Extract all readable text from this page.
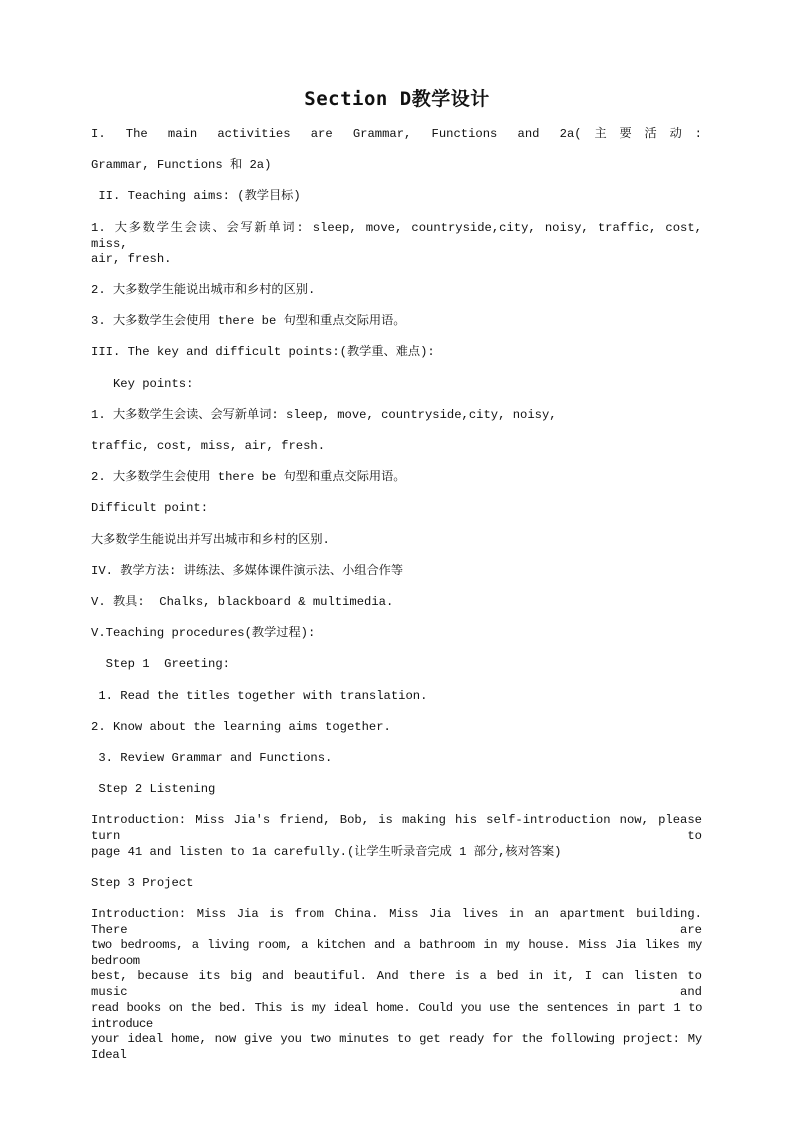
Section D教学设计
I. The main activities are Grammar, Functions and 2a(主要活动:
Grammar, Functions 和 2a)
II. Teaching aims: (教学目标)
1. 大多数学生会读、会写新单词: sleep, move, countryside,city, noisy, traffic, cost, miss,
air, fresh.
2. 大多数学生能说出城市和乡村的区别.
3. 大多数学生会使用 there be 句型和重点交际用语。
III. The key and difficult points:(教学重、难点):
Key points:
1. 大多数学生会读、会写新单词: sleep, move, countryside,city, noisy,
traffic, cost, miss, air, fresh.
2. 大多数学生会使用 there be 句型和重点交际用语。
Difficult point:
大多数学生能说出并写出城市和乡村的区别.
IV. 教学方法: 讲练法、多媒体课件演示法、小组合作等
V. 教具:  Chalks, blackboard & multimedia.
V.Teaching procedures(教学过程):
Step 1  Greeting:
1. Read the titles together with translation.
2. Know about the learning aims together.
3. Review Grammar and Functions.
Step 2 Listening
Introduction: Miss Jia's friend, Bob, is making his self-introduction now, please turn to
page 41 and listen to 1a carefully.(让学生听录音完成 1 部分,核对答案)
Step 3 Project
Introduction: Miss Jia is from China. Miss Jia lives in an apartment building. There are
two bedrooms, a living room, a kitchen and a bathroom in my house. Miss Jia likes my bedroom
best, because its big and beautiful. And there is a bed in it, I can listen to music and
read books on the bed. This is my ideal home. Could you use the sentences in part 1 to introduce
your ideal home, now give you two minutes to get ready for the following project: My Ideal
